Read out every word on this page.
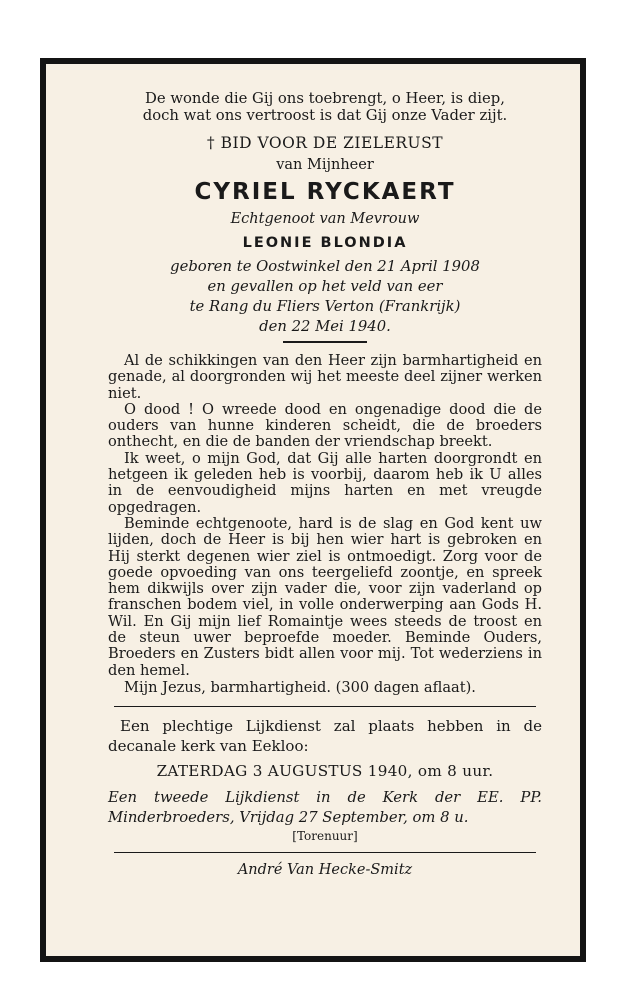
De wonde die Gij ons toebrengt, o Heer, is diep,
doch wat ons vertroost is dat Gij onze Vader zijt.
† BID VOOR DE ZIELERUST
van Mijnheer
CYRIEL RYCKAERT
Echtgenoot van Mevrouw
LEONIE BLONDIA
geboren te Oostwinkel den 21 April 1908
en gevallen op het veld van eer
te Rang du Fliers Verton (Frankrijk)
den 22 Mei 1940.

Al de schikkingen van den Heer zijn barmhartigheid en genade, al doorgronden wij het meeste deel zijner werken niet.

O dood ! O wreede dood en ongenadige dood die de ouders van hunne kinderen scheidt, die de broeders onthecht, en die de banden der vriendschap breekt.

Ik weet, o mijn God, dat Gij alle harten doorgrondt en hetgeen ik geleden heb is voorbij, daarom heb ik U alles in de eenvoudigheid mijns harten en met vreugde opgedragen.

Beminde echtgenoote, hard is de slag en God kent uw lijden, doch de Heer is bij hen wier hart is gebroken en Hij sterkt degenen wier ziel is ontmoedigt. Zorg voor de goede opvoeding van ons teergeliefd zoontje, en spreek hem dikwijls over zijn vader die, voor zijn vaderland op franschen bodem viel, in volle onderwerping aan Gods H. Wil. En Gij mijn lief Romaintje wees steeds de troost en de steun uwer beproefde moeder. Beminde Ouders, Broeders en Zusters bidt allen voor mij. Tot wederziens in den hemel.

Mijn Jezus, barmhartigheid. (300 dagen aflaat).
Een plechtige Lijkdienst zal plaats hebben in de decanale kerk van Eekloo:
ZATERDAG 3 AUGUSTUS 1940, om 8 uur.
Een tweede Lijkdienst in de Kerk der EE. PP. Minderbroeders, Vrijdag 27 September, om 8 u.
[Torenuur]
André Van Hecke-Smitz
